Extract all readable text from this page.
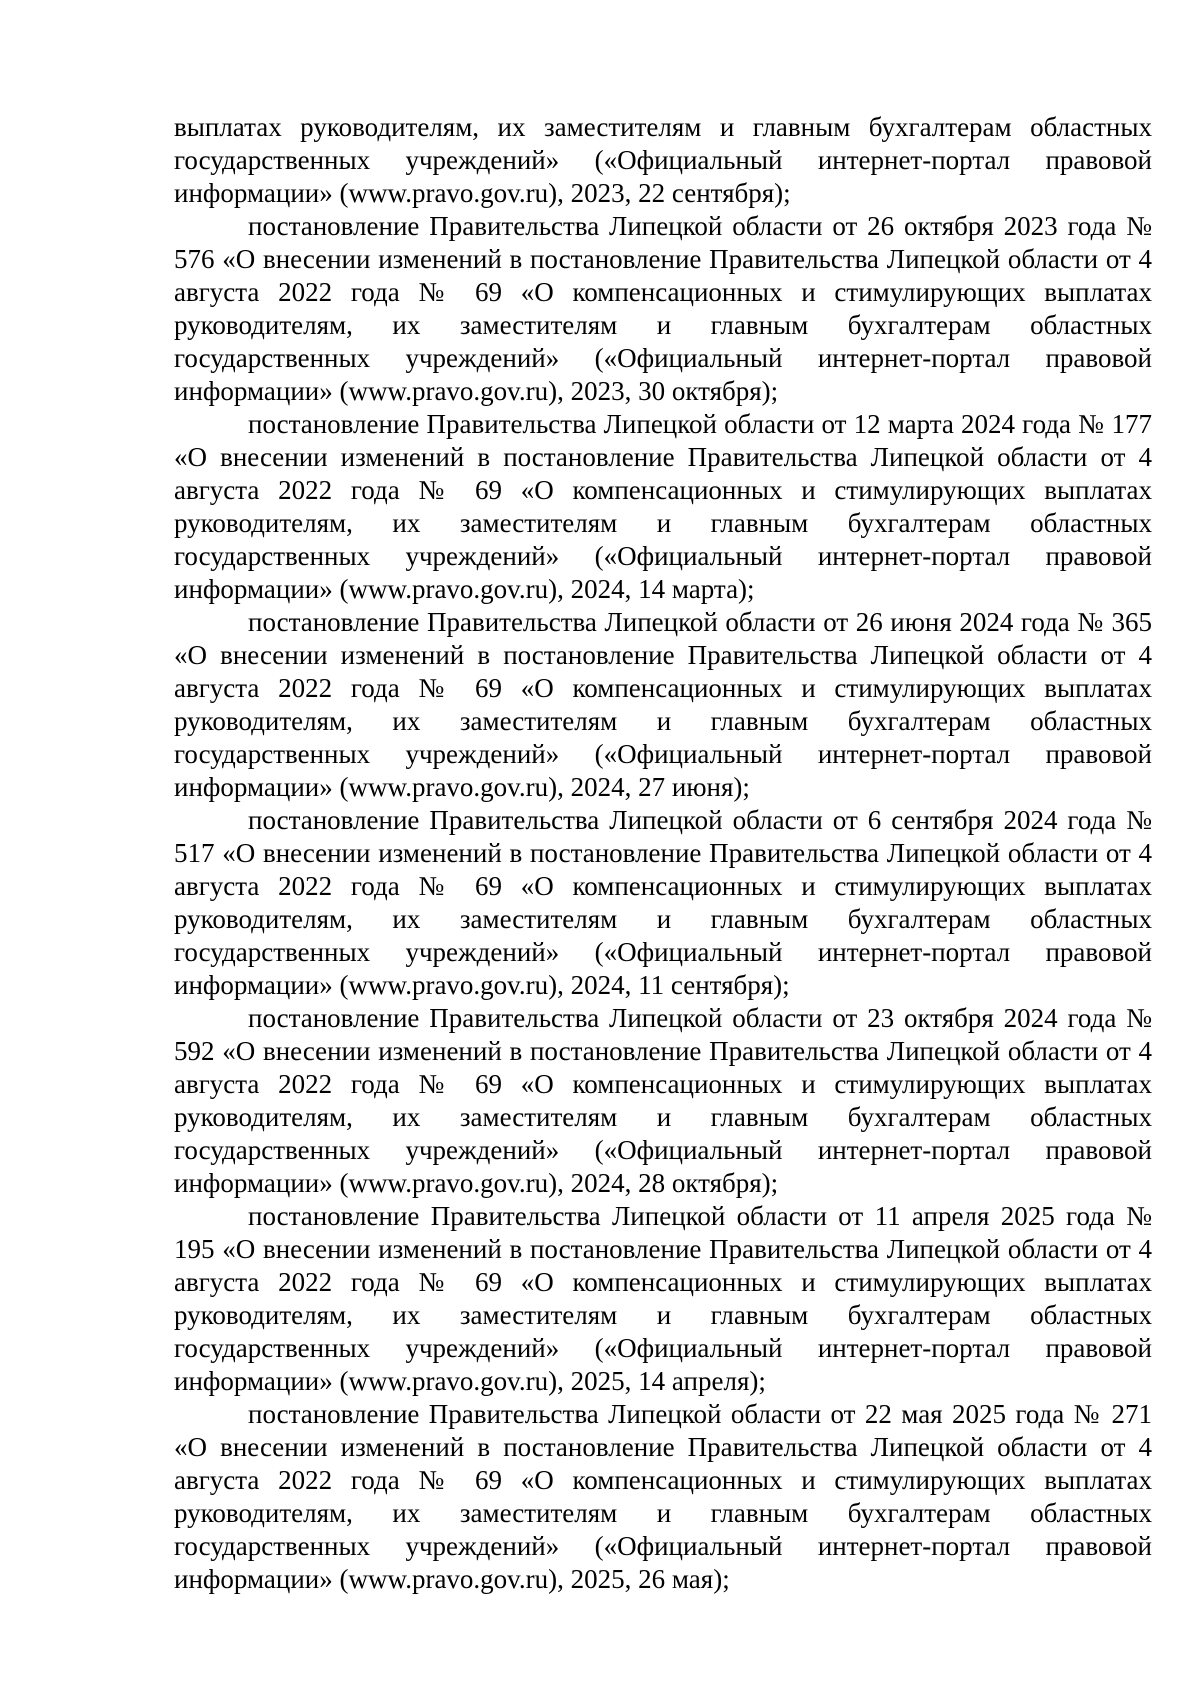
выплатах руководителям, их заместителям и главным бухгалтерам областных государственных учреждений» («Официальный интернет-портал правовой информации» (www.pravo.gov.ru), 2023, 22 сентября);

постановление Правительства Липецкой области от 26 октября 2023 года № 576 «О внесении изменений в постановление Правительства Липецкой области от 4 августа 2022 года № 69 «О компенсационных и стимулирующих выплатах руководителям, их заместителям и главным бухгалтерам областных государственных учреждений» («Официальный интернет-портал правовой информации» (www.pravo.gov.ru), 2023, 30 октября);

постановление Правительства Липецкой области от 12 марта 2024 года № 177 «О внесении изменений в постановление Правительства Липецкой области от 4 августа 2022 года № 69 «О компенсационных и стимулирующих выплатах руководителям, их заместителям и главным бухгалтерам областных государственных учреждений» («Официальный интернет-портал правовой информации» (www.pravo.gov.ru), 2024, 14 марта);

постановление Правительства Липецкой области от 26 июня 2024 года № 365 «О внесении изменений в постановление Правительства Липецкой области от 4 августа 2022 года № 69 «О компенсационных и стимулирующих выплатах руководителям, их заместителям и главным бухгалтерам областных государственных учреждений» («Официальный интернет-портал правовой информации» (www.pravo.gov.ru), 2024, 27 июня);

постановление Правительства Липецкой области от 6 сентября 2024 года № 517 «О внесении изменений в постановление Правительства Липецкой области от 4 августа 2022 года № 69 «О компенсационных и стимулирующих выплатах руководителям, их заместителям и главным бухгалтерам областных государственных учреждений» («Официальный интернет-портал правовой информации» (www.pravo.gov.ru), 2024, 11 сентября);

постановление Правительства Липецкой области от 23 октября 2024 года № 592 «О внесении изменений в постановление Правительства Липецкой области от 4 августа 2022 года № 69 «О компенсационных и стимулирующих выплатах руководителям, их заместителям и главным бухгалтерам областных государственных учреждений» («Официальный интернет-портал правовой информации» (www.pravo.gov.ru), 2024, 28 октября);

постановление Правительства Липецкой области от 11 апреля 2025 года № 195 «О внесении изменений в постановление Правительства Липецкой области от 4 августа 2022 года № 69 «О компенсационных и стимулирующих выплатах руководителям, их заместителям и главным бухгалтерам областных государственных учреждений» («Официальный интернет-портал правовой информации» (www.pravo.gov.ru), 2025, 14 апреля);

постановление Правительства Липецкой области от 22 мая 2025 года № 271 «О внесении изменений в постановление Правительства Липецкой области от 4 августа 2022 года № 69 «О компенсационных и стимулирующих выплатах руководителям, их заместителям и главным бухгалтерам областных государственных учреждений» («Официальный интернет-портал правовой информации» (www.pravo.gov.ru), 2025, 26 мая);
